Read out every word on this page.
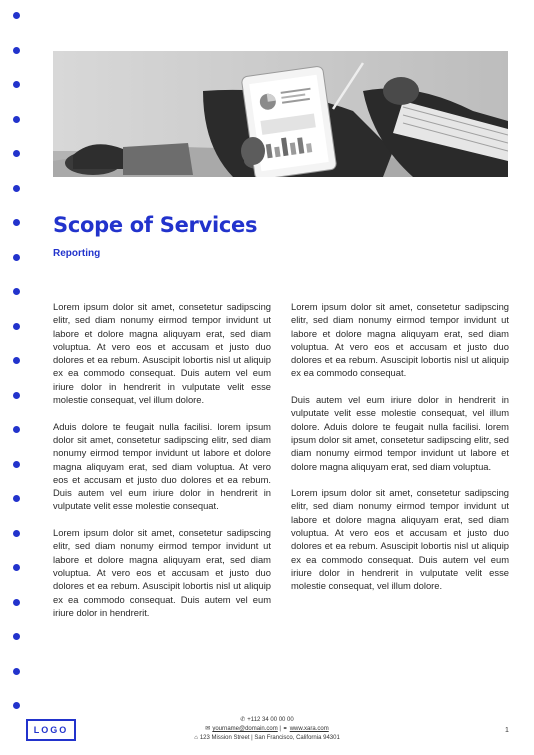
Scope of Services
Reporting

Lorem ipsum dolor sit amet, consetetur sadipscing elitr, sed diam nonumy eirmod tempor invidunt ut labore et dolore magna aliquyam erat, sed diam voluptua. At vero eos et accusam et justo duo dolores et ea rebum. Asuscipit lobortis nisl ut aliquip ex ea commodo consequat. Duis autem vel eum iriure dolor in hendrerit in vulputate velit esse molestie consequat, vel illum dolore.

Aduis dolore te feugait nulla facilisi. lorem ipsum dolor sit amet, consetetur sadipscing elitr, sed diam nonumy eirmod tempor invidunt ut labore et dolore magna aliquyam erat, sed diam voluptua. At vero eos et accusam et justo duo dolores et ea rebum. Duis autem vel eum iriure dolor in hendrerit in vulputate velit esse molestie consequat.

Lorem ipsum dolor sit amet, consetetur sadipscing elitr, sed diam nonumy eirmod tempor invidunt ut labore et dolore magna aliquyam erat, sed diam voluptua. At vero eos et accusam et justo duo dolores et ea rebum. Asuscipit lobortis nisl ut aliquip ex ea commodo consequat. Duis autem vel eum iriure dolor in hendrerit.

Lorem ipsum dolor sit amet, consetetur sadipscing elitr, sed diam nonumy eirmod tempor invidunt ut labore et dolore magna aliquyam erat, sed diam voluptua. At vero eos et accusam et justo duo dolores et ea rebum. Asuscipit lobortis nisl ut aliquip ex ea commodo consequat.

Duis autem vel eum iriure dolor in hendrerit in vulputate velit esse molestie consequat, vel illum dolore. Aduis dolore te feugait nulla facilisi. lorem ipsum dolor sit amet, consetetur sadipscing elitr, sed diam nonumy eirmod tempor invidunt ut labore et dolore magna aliquyam erat, sed diam voluptua.

Lorem ipsum dolor sit amet, consetetur sadipscing elitr, sed diam nonumy eirmod tempor invidunt ut labore et dolore magna aliquyam erat, sed diam voluptua. At vero eos et accusam et justo duo dolores et ea rebum. Asuscipit lobortis nisl ut aliquip ex ea commodo consequat. Duis autem vel eum iriure dolor in hendrerit in vulputate velit esse molestie consequat, vel illum dolore.

LOGO
✆ +112 34 00 00 00
✉ yourname@domain.com | ⚭ www.xara.com
⌂ 123 Mission Street | San Francisco, California 94301
1
